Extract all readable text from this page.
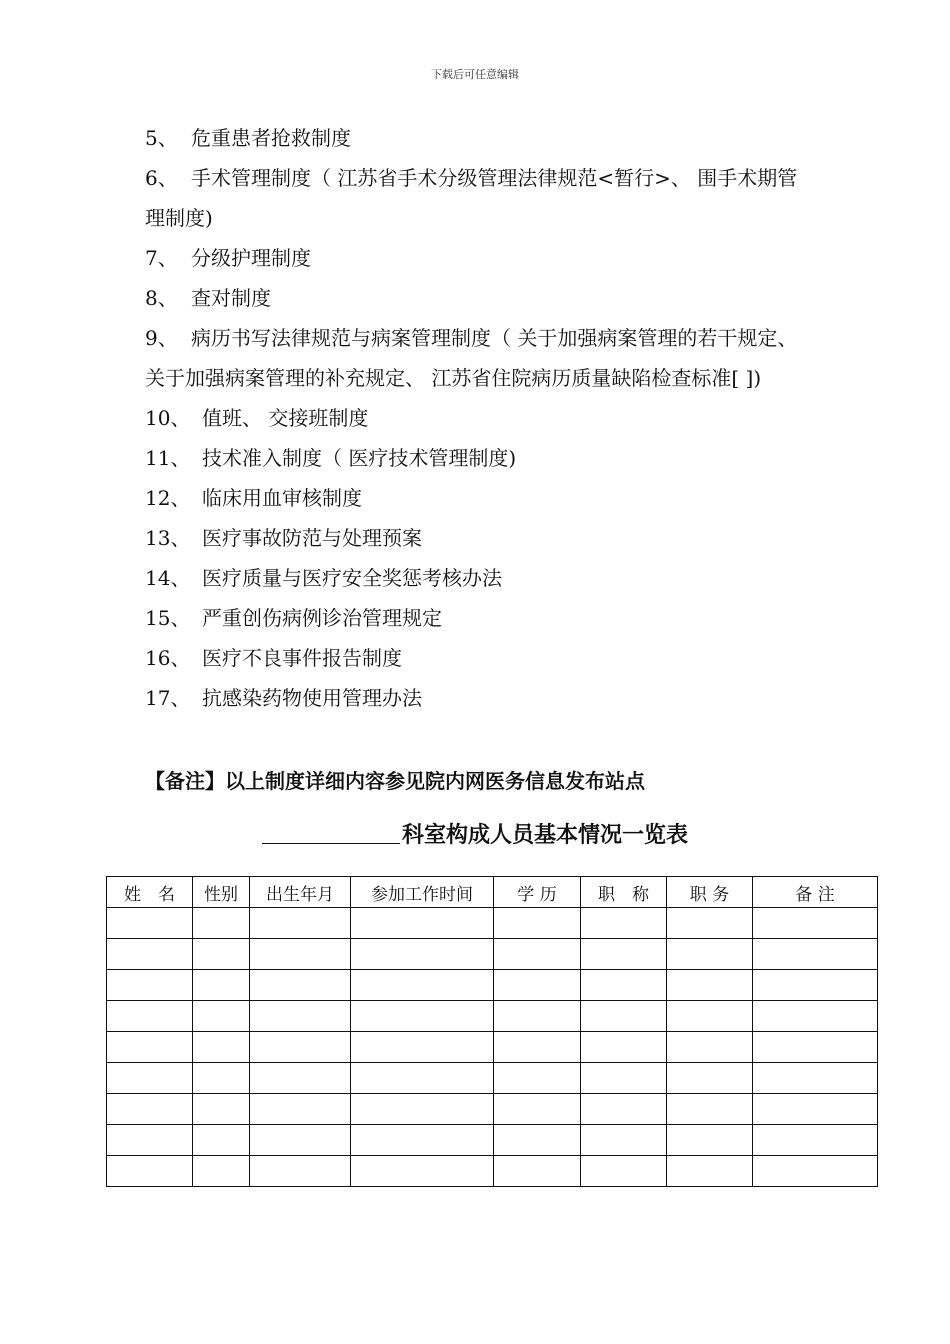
下载后可任意编辑
5、 危重患者抢救制度
6、 手术管理制度（ 江苏省手术分级管理法律规范<暂行>、 围手术期管理制度)
7、 分级护理制度
8、 查对制度
9、 病历书写法律规范与病案管理制度（ 关于加强病案管理的若干规定、 关于加强病案管理的补充规定、 江苏省住院病历质量缺陷检查标准[ ])
10、 值班、 交接班制度
11、 技术准入制度（ 医疗技术管理制度)
12、 临床用血审核制度
13、 医疗事故防范与处理预案
14、 医疗质量与医疗安全奖惩考核办法
15、 严重创伤病例诊治管理规定
16、 医疗不良事件报告制度
17、 抗感染药物使用管理办法
【备注】以上制度详细内容参见院内网医务信息发布站点
科室构成人员基本情况一览表
姓　名	性别	出生年月	参加工作时间	学 历	职　称	职 务	备 注
